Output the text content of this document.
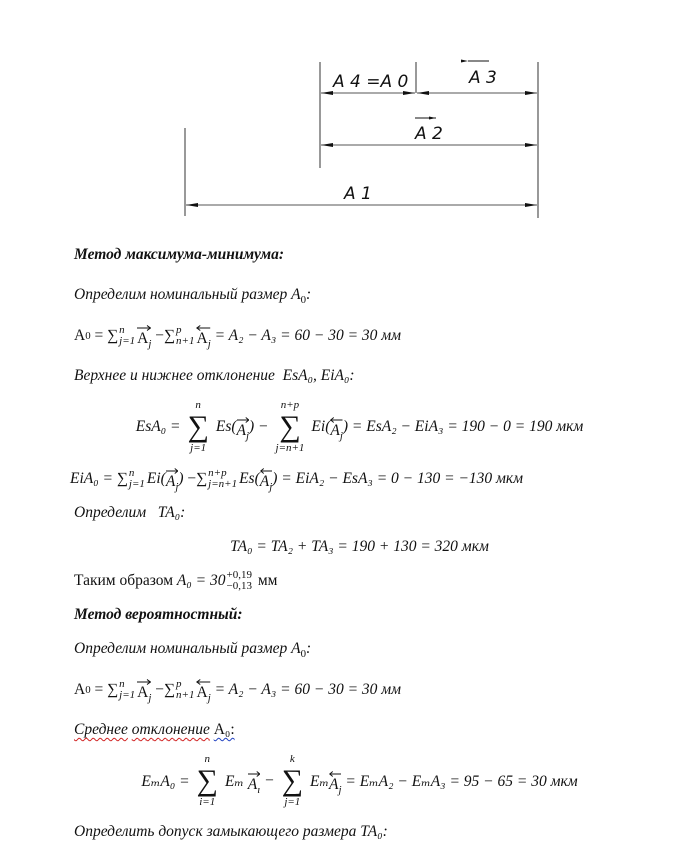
A 4 =A 0	A 3
A 2
A 1
Метод максимума-минимума:
Определим номинальный размер $A_0$:
A 0 = ∑ n
j=1 $A_j$
−∑ p
n+1 $A_j$

= A₂ − A₃ = 60 − 30 = 30 мм
Верхнее и нижнее отклонение EsA₀, EiA₀:
EsA₀ =
n
∑
j=1
Es ( $A_j$
) −
n+p
∑
j=n+1
Ei ( $A_j$
) = EsA₂ − EiA₃ = 190 − 0 = 190 мкм
EiA₀ = ∑ n
j=1 Ei ( $A_j$
) −∑ n+p
j=n+1 Es ( $A_j$
) = EiA₂ − EsA₃ = 0 − 130 = −130 мкм
Определим TA₀:
TA₀ = TA₂ + TA₃ = 190 + 130 = 320 мкм
Таким образом
A₀ = 30 +0,19
−0,13
мм
Метод вероятностный:
Определим номинальный размер $A_0$:
A 0 = ∑ n
j=1 $A_j$
−∑ p
n+1 $A_j$

= A₂ − A₃ = 60 − 30 = 30 мм
Среднее отклонение A₀:
EₘA₀ =
n
∑
i=1
Eₘ
$A_ı$
−
k
∑
j=1
Eₘ $A_j$

= EₘA₂ − EₘA₃ = 95 − 65 = 30 мкм
Определить допуск замыкающего размера TA₀:
